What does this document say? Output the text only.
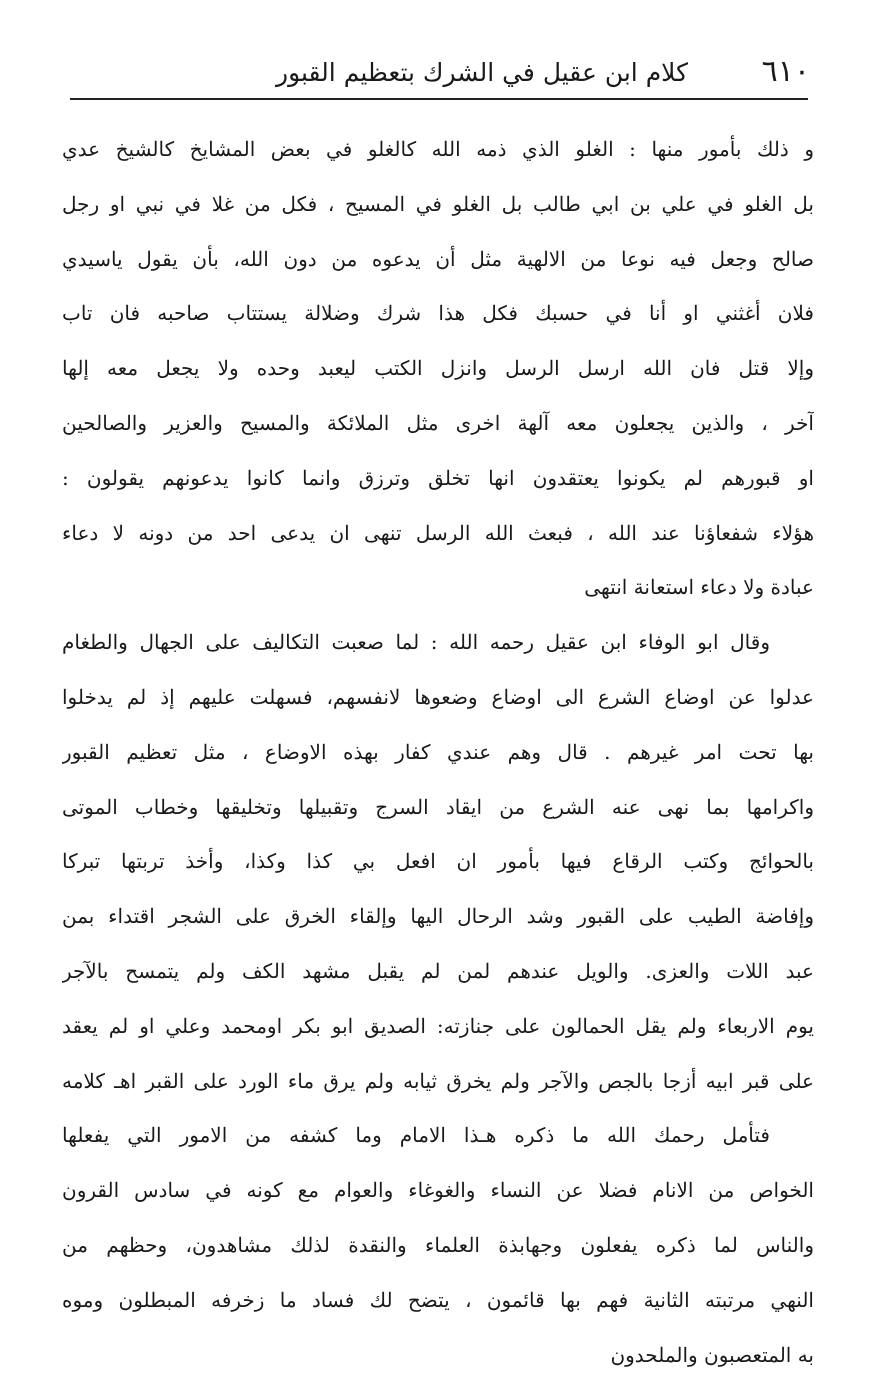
٦١٠
كلام ابن عقيل في الشرك بتعظيم القبور
و ذلك بأمور منها : الغلو الذي ذمه الله كالغلو في بعض المشايخ كالشيخ عدي
بل الغلو في علي بن ابي طالب بل الغلو في المسيح ، فكل من غلا في نبي او رجل
صالح وجعل فيه نوعا من الالهية مثل أن يدعوه من دون الله، بأن يقول ياسيدي
فلان أغثني او أنا في حسبك فكل هذا شرك وضلالة يستتاب صاحبه فان تاب
وإلا قتل فان الله ارسل الرسل وانزل الكتب ليعبد وحده ولا يجعل معه إلها
آخر ، والذين يجعلون معه آلهة اخرى مثل الملائكة والمسيح والعزير والصالحين
او قبورهم لم يكونوا يعتقدون انها تخلق وترزق وانما كانوا يدعونهم يقولون :
هؤلاء شفعاؤنا عند الله ، فبعث الله الرسل تنهى ان يدعى احد من دونه لا دعاء
عبادة ولا دعاء استعانة انتهى
وقال ابو الوفاء ابن عقيل رحمه الله : لما صعبت التكاليف على الجهال والطغام
عدلوا عن اوضاع الشرع الى اوضاع وضعوها لانفسهم، فسهلت عليهم إذ لم يدخلوا
بها تحت امر غيرهم . قال وهم عندي كفار بهذه الاوضاع ، مثل تعظيم القبور
واكرامها بما نهى عنه الشرع من ايقاد السرج وتقبيلها وتخليقها وخطاب الموتى
بالحوائج وكتب الرقاع فيها بأمور ان افعل بي كذا وكذا، وأخذ تربتها تبركا
وإفاضة الطيب على القبور وشد الرحال اليها وإلقاء الخرق على الشجر اقتداء بمن
عبد اللات والعزى. والويل عندهم لمن لم يقبل مشهد الكف ولم يتمسح بالآجر
يوم الاربعاء ولم يقل الحمالون على جنازته: الصديق ابو بكر اومحمد وعلي او لم يعقد
على قبر ابيه أزجا بالجص والآجر ولم يخرق ثيابه ولم يرق ماء الورد على القبر اهـ كلامه
فتأمل رحمك الله ما ذكره هـذا الامام وما كشفه من الامور التي يفعلها
الخواص من الانام فضلا عن النساء والغوغاء والعوام مع كونه في سادس القرون
والناس لما ذكره يفعلون وجهابذة العلماء والنقدة لذلك مشاهدون، وحظهم من
النهي مرتبته الثانية فهم بها قائمون ، يتضح لك فساد ما زخرفه المبطلون وموه
به المتعصبون والملحدون
